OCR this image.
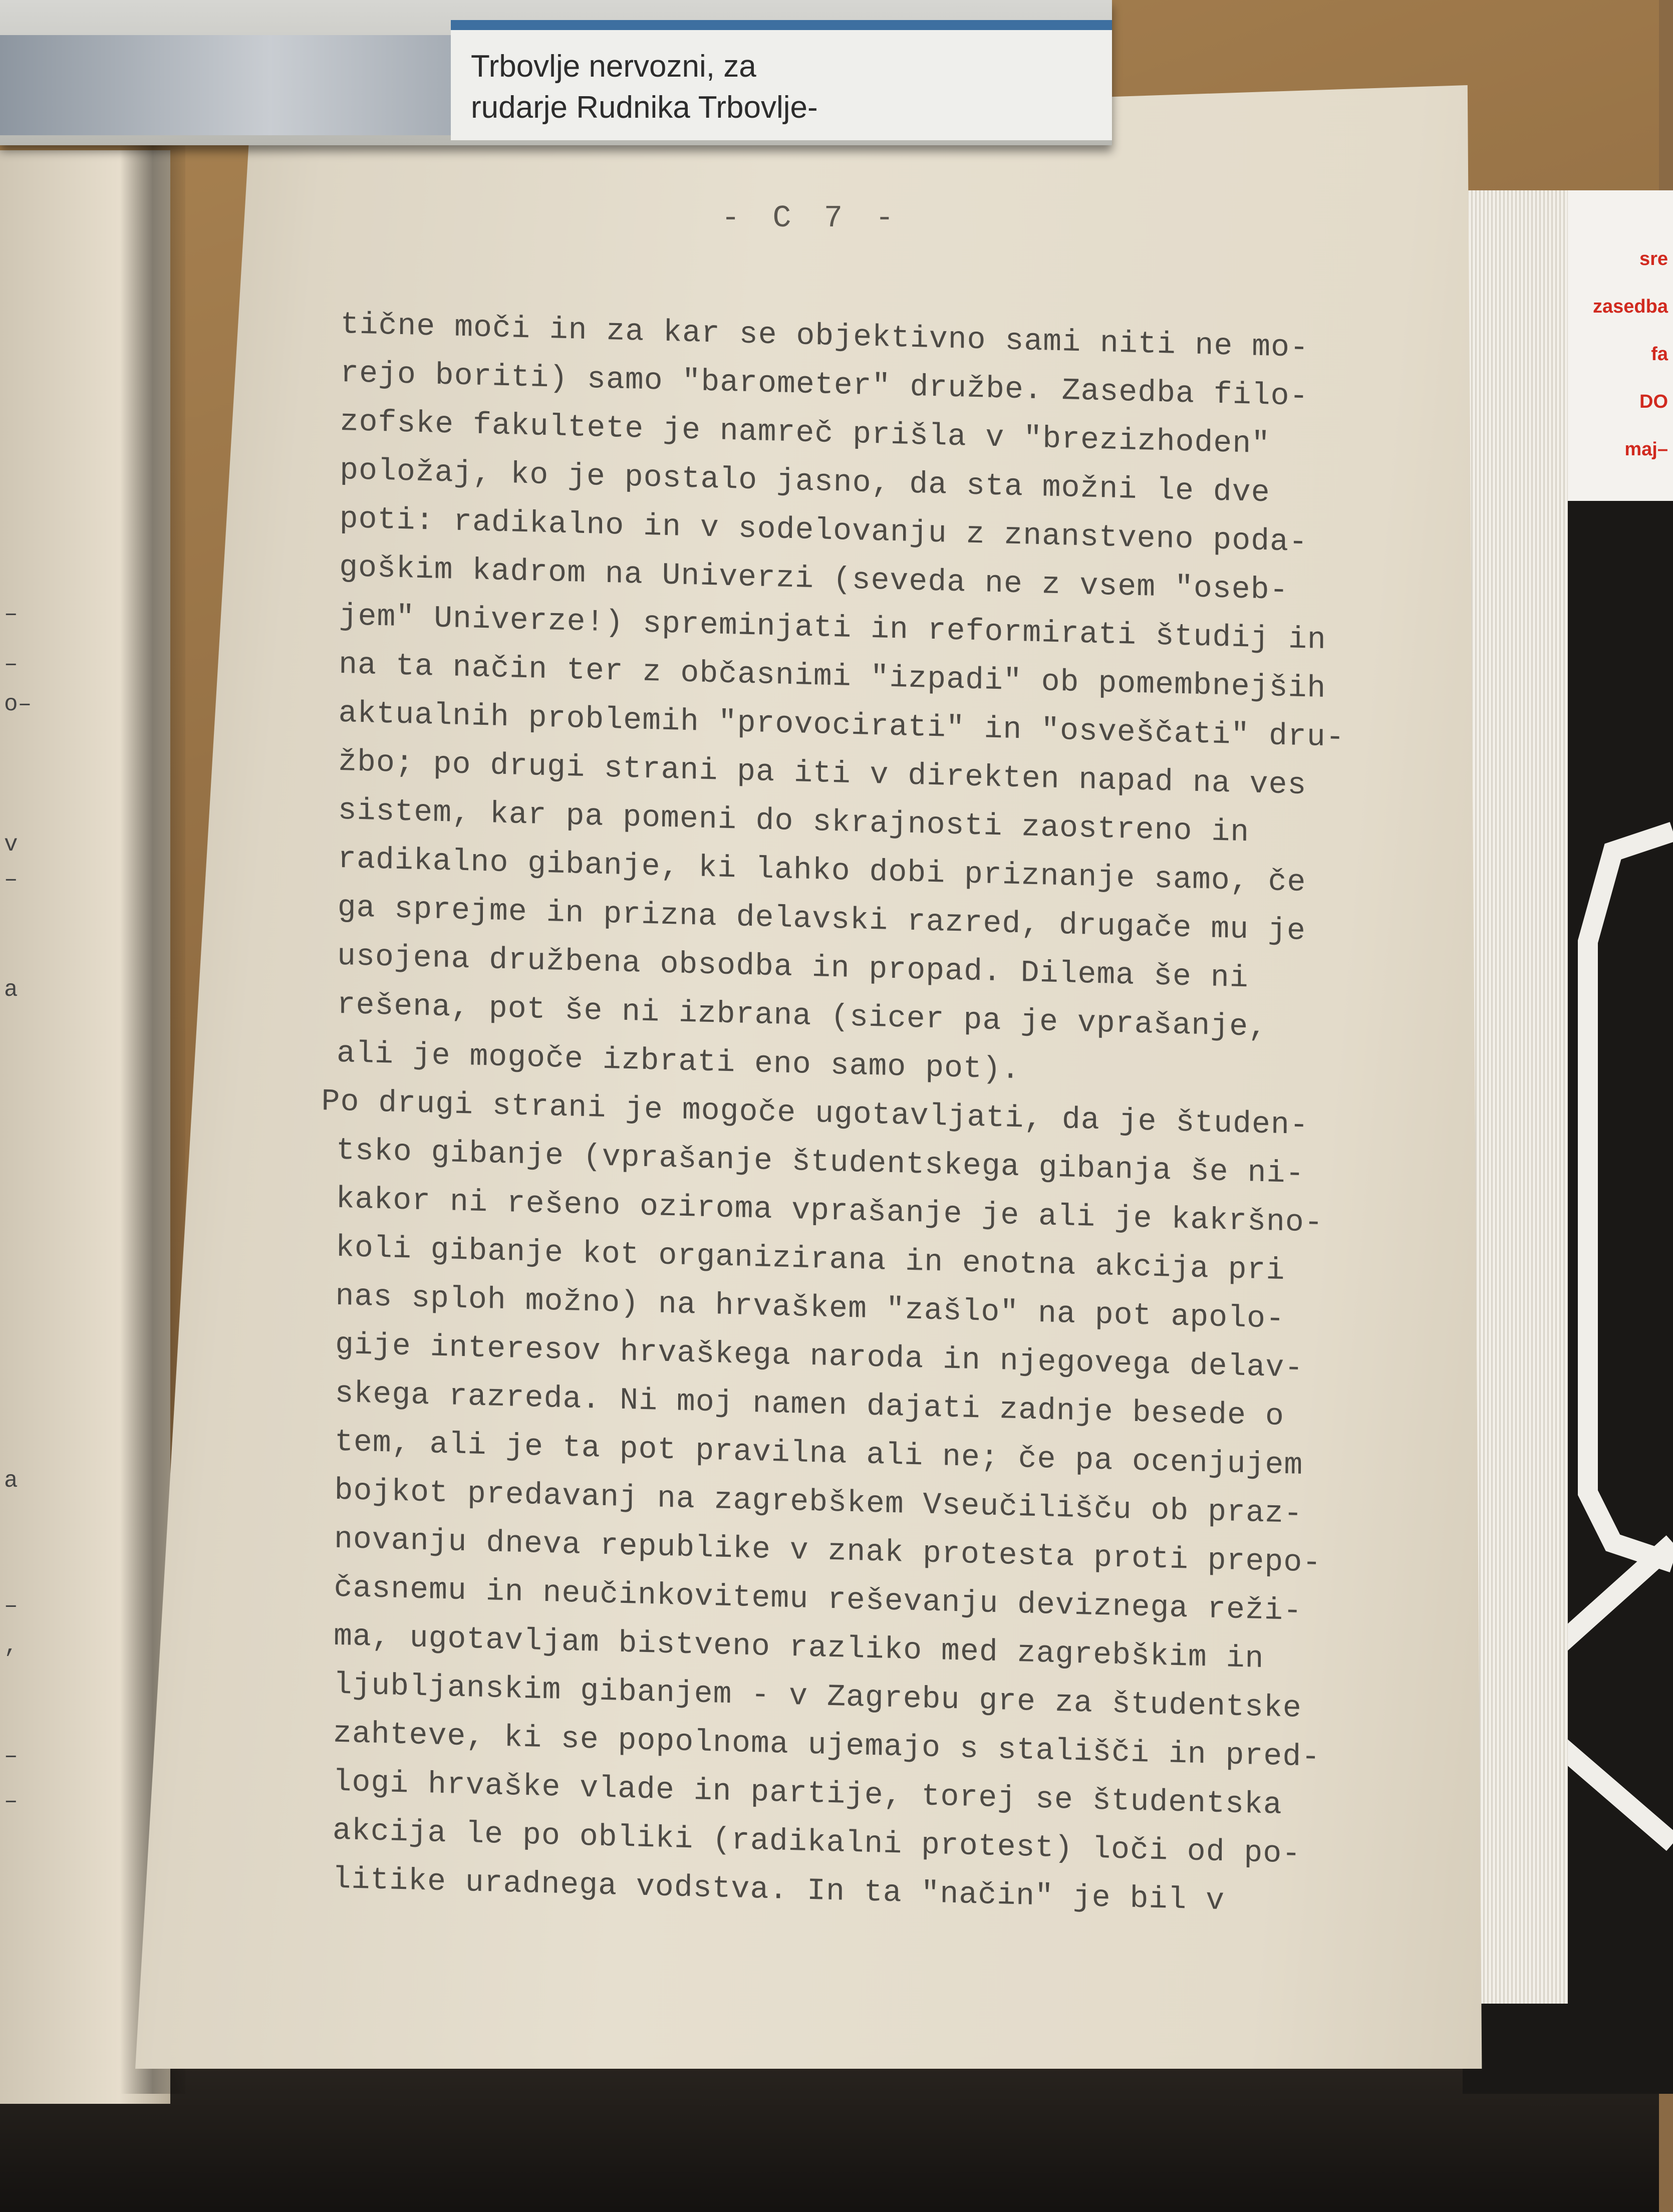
sre
zasedba
fa
DO
maj–
–
–
o–
v
–
a
a
–
,
–
–
- C 7 -
tične moči in za kar se objektivno sami niti ne mo-
rejo boriti) samo "barometer" družbe. Zasedba filo-
zofske fakultete je namreč prišla v "brezizhoden"
položaj, ko je postalo jasno, da sta možni le dve
poti: radikalno in v sodelovanju z znanstveno poda-
goškim kadrom na Univerzi (seveda ne z vsem "oseb-
jem" Univerze!) spreminjati in reformirati študij in
na ta način ter z občasnimi "izpadi" ob pomembnejših
aktualnih problemih "provocirati" in "osveščati" dru-
žbo; po drugi strani pa iti v direkten napad na ves
sistem, kar pa pomeni do skrajnosti zaostreno in
radikalno gibanje, ki lahko dobi priznanje samo, če
ga sprejme in prizna delavski razred, drugače mu je
usojena družbena obsodba in propad. Dilema še ni
rešena, pot še ni izbrana (sicer pa je vprašanje,
ali je mogoče izbrati eno samo pot).
Po drugi strani je mogoče ugotavljati, da je študen-
tsko gibanje (vprašanje študentskega gibanja še ni-
kakor ni rešeno oziroma vprašanje je ali je kakršno-
koli gibanje kot organizirana in enotna akcija pri
nas sploh možno) na hrvaškem "zašlo" na pot apolo-
gije interesov hrvaškega naroda in njegovega delav-
skega razreda. Ni moj namen dajati zadnje besede o
tem, ali je ta pot pravilna ali ne; če pa ocenjujem
bojkot predavanj na zagrebškem Vseučilišču ob praz-
novanju dneva republike v znak protesta proti prepo-
časnemu in neučinkovitemu reševanju deviznega reži-
ma, ugotavljam bistveno razliko med zagrebškim in
ljubljanskim gibanjem - v Zagrebu gre za študentske
zahteve, ki se popolnoma ujemajo s stališči in pred-
logi hrvaške vlade in partije, torej se študentska
akcija le po obliki (radikalni protest) loči od po-
litike uradnega vodstva. In ta "način" je bil v
Trbovlje nervozni, za
rudarje Rudnika Trbovlje-
